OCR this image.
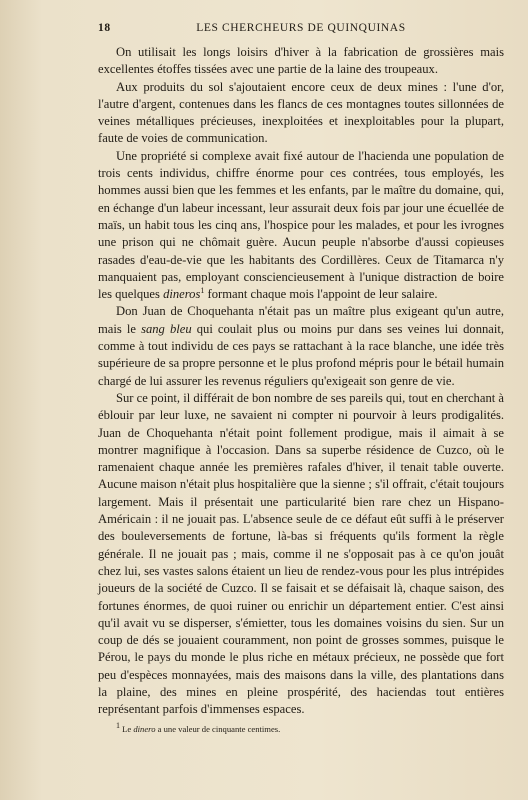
18	LES CHERCHEURS DE QUINQUINAS

On utilisait les longs loisirs d'hiver à la fabrication de grossières mais excellentes étoffes tissées avec une partie de la laine des troupeaux.

Aux produits du sol s'ajoutaient encore ceux de deux mines : l'une d'or, l'autre d'argent, contenues dans les flancs de ces montagnes toutes sillonnées de veines métalliques précieuses, inexploitées et inexploitables pour la plupart, faute de voies de communication.

Une propriété si complexe avait fixé autour de l'hacienda une population de trois cents individus, chiffre énorme pour ces contrées, tous employés, les hommes aussi bien que les femmes et les enfants, par le maître du domaine, qui, en échange d'un labeur incessant, leur assurait deux fois par jour une écuellée de maïs, un habit tous les cinq ans, l'hospice pour les malades, et pour les ivrognes une prison qui ne chômait guère. Aucun peuple n'absorbe d'aussi copieuses rasades d'eau-de-vie que les habitants des Cordillères. Ceux de Titamarca n'y manquaient pas, employant consciencieusement à l'unique distraction de boire les quelques dineros$^1$ formant chaque mois l'appoint de leur salaire.

Don Juan de Choquehanta n'était pas un maître plus exigeant qu'un autre, mais le sang bleu qui coulait plus ou moins pur dans ses veines lui donnait, comme à tout individu de ces pays se rattachant à la race blanche, une idée très supérieure de sa propre personne et le plus profond mépris pour le bétail humain chargé de lui assurer les revenus réguliers qu'exigeait son genre de vie.

Sur ce point, il différait de bon nombre de ses pareils qui, tout en cherchant à éblouir par leur luxe, ne savaient ni compter ni pourvoir à leurs prodigalités. Juan de Choquehanta n'était point follement prodigue, mais il aimait à se montrer magnifique à l'occasion. Dans sa superbe résidence de Cuzco, où le ramenaient chaque année les premières rafales d'hiver, il tenait table ouverte. Aucune maison n'était plus hospitalière que la sienne ; s'il offrait, c'était toujours largement. Mais il présentait une particularité bien rare chez un Hispano-Américain : il ne jouait pas. L'absence seule de ce défaut eût suffi à le préserver des bouleversements de fortune, là-bas si fréquents qu'ils forment la règle générale. Il ne jouait pas ; mais, comme il ne s'opposait pas à ce qu'on jouât chez lui, ses vastes salons étaient un lieu de rendez-vous pour les plus intrépides joueurs de la société de Cuzco. Il se faisait et se défaisait là, chaque saison, des fortunes énormes, de quoi ruiner ou enrichir un département entier. C'est ainsi qu'il avait vu se disperser, s'émietter, tous les domaines voisins du sien. Sur un coup de dés se jouaient couramment, non point de grosses sommes, puisque le Pérou, le pays du monde le plus riche en métaux précieux, ne possède que fort peu d'espèces monnayées, mais des maisons dans la ville, des plantations dans la plaine, des mines en pleine prospérité, des haciendas tout entières représentant parfois d'immenses espaces.

1 Le dinero a une valeur de cinquante centimes.
